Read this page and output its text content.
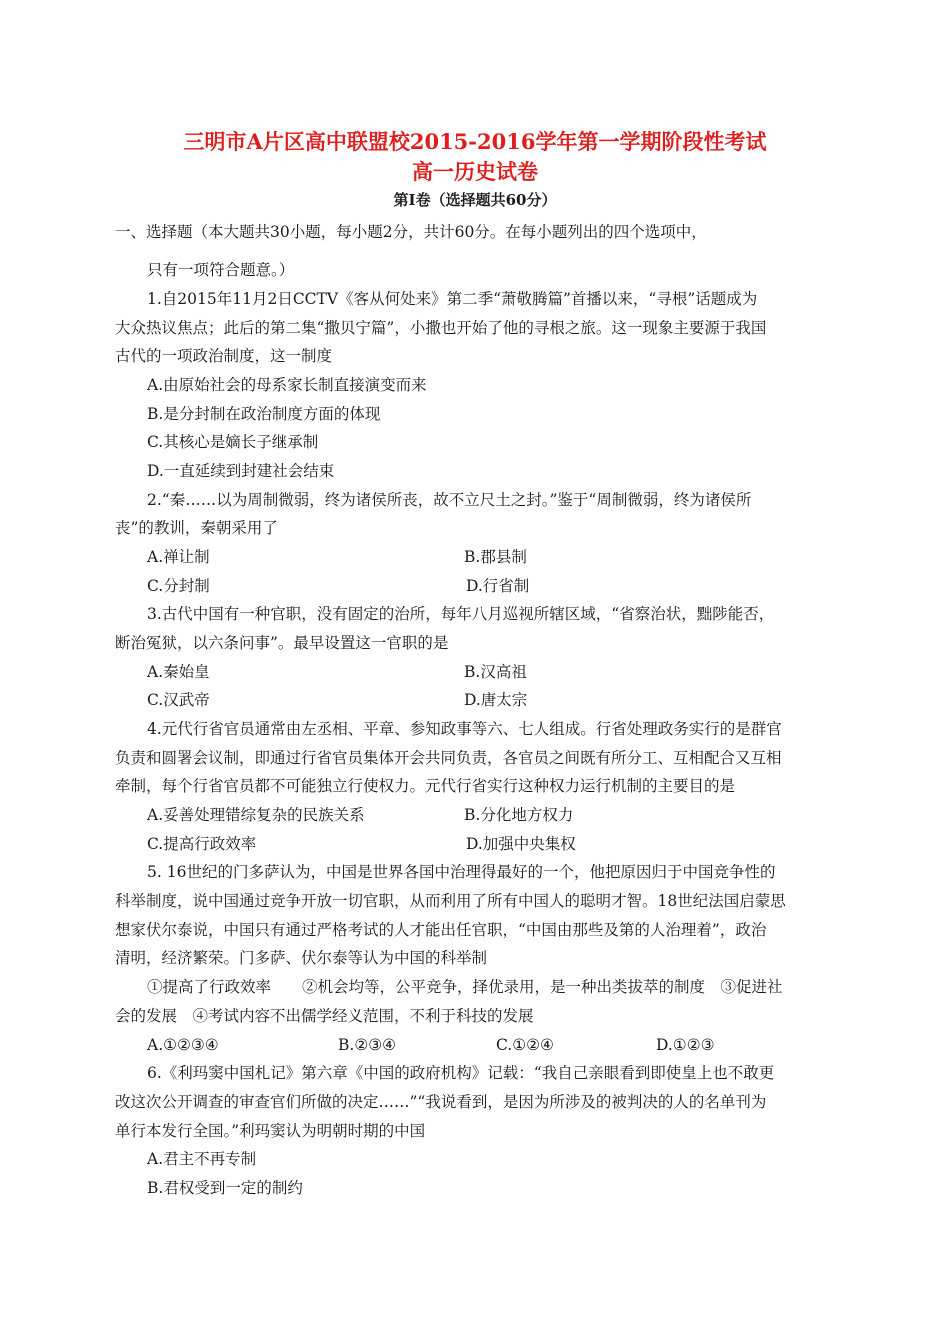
三明市A片区高中联盟校2015-2016学年第一学期阶段性考试
高一历史试卷
第Ⅰ卷（选择题共60分）

一、选择题（本大题共30小题，每小题2分，共计60分。在每小题列出的四个选项中，

只有一项符合题意。）

1.自2015年11月2日CCTV《客从何处来》第二季“萧敬腾篇”首播以来，“寻根”话题成为

大众热议焦点；此后的第二集“撒贝宁篇”，小撒也开始了他的寻根之旅。这一现象主要源于我国

古代的一项政治制度，这一制度

A.由原始社会的母系家长制直接演变而来
B.是分封制在政治制度方面的体现
C.其核心是嫡长子继承制
D.一直延续到封建社会结束

2.“秦……以为周制微弱，终为诸侯所丧，故不立尺土之封。”鉴于“周制微弱，终为诸侯所

丧”的教训，秦朝采用了

A.禅让制	B.郡县制
C.分封制	D.行省制

3.古代中国有一种官职，没有固定的治所，每年八月巡视所辖区域，“省察治状，黜陟能否，

断治冤狱，以六条问事”。最早设置这一官职的是

A.秦始皇	B.汉高祖
C.汉武帝	D.唐太宗

4.元代行省官员通常由左丞相、平章、参知政事等六、七人组成。行省处理政务实行的是群官

负责和圆署会议制，即通过行省官员集体开会共同负责，各官员之间既有所分工、互相配合又互相

牵制，每个行省官员都不可能独立行使权力。元代行省实行这种权力运行机制的主要目的是

A.妥善处理错综复杂的民族关系	B.分化地方权力
C.提高行政效率	D.加强中央集权

5. 16世纪的门多萨认为，中国是世界各国中治理得最好的一个，他把原因归于中国竞争性的

科举制度，说中国通过竞争开放一切官职，从而利用了所有中国人的聪明才智。18世纪法国启蒙思

想家伏尔泰说，中国只有通过严格考试的人才能出任官职，“中国由那些及第的人治理着”，政治

清明，经济繁荣。门多萨、伏尔泰等认为中国的科举制

①提高了行政效率　　②机会均等，公平竞争，择优录用，是一种出类拔萃的制度　③促进社

会的发展　④考试内容不出儒学经义范围，不利于科技的发展

A.①②③④	B.②③④	C.①②④	D.①②③

6.《利玛窦中国札记》第六章《中国的政府机构》记载：“我自己亲眼看到即使皇上也不敢更

改这次公开调查的审查官们所做的决定……”“我说看到，是因为所涉及的被判决的人的名单刊为

单行本发行全国。”利玛窦认为明朝时期的中国

A.君主不再专制
B.君权受到一定的制约
